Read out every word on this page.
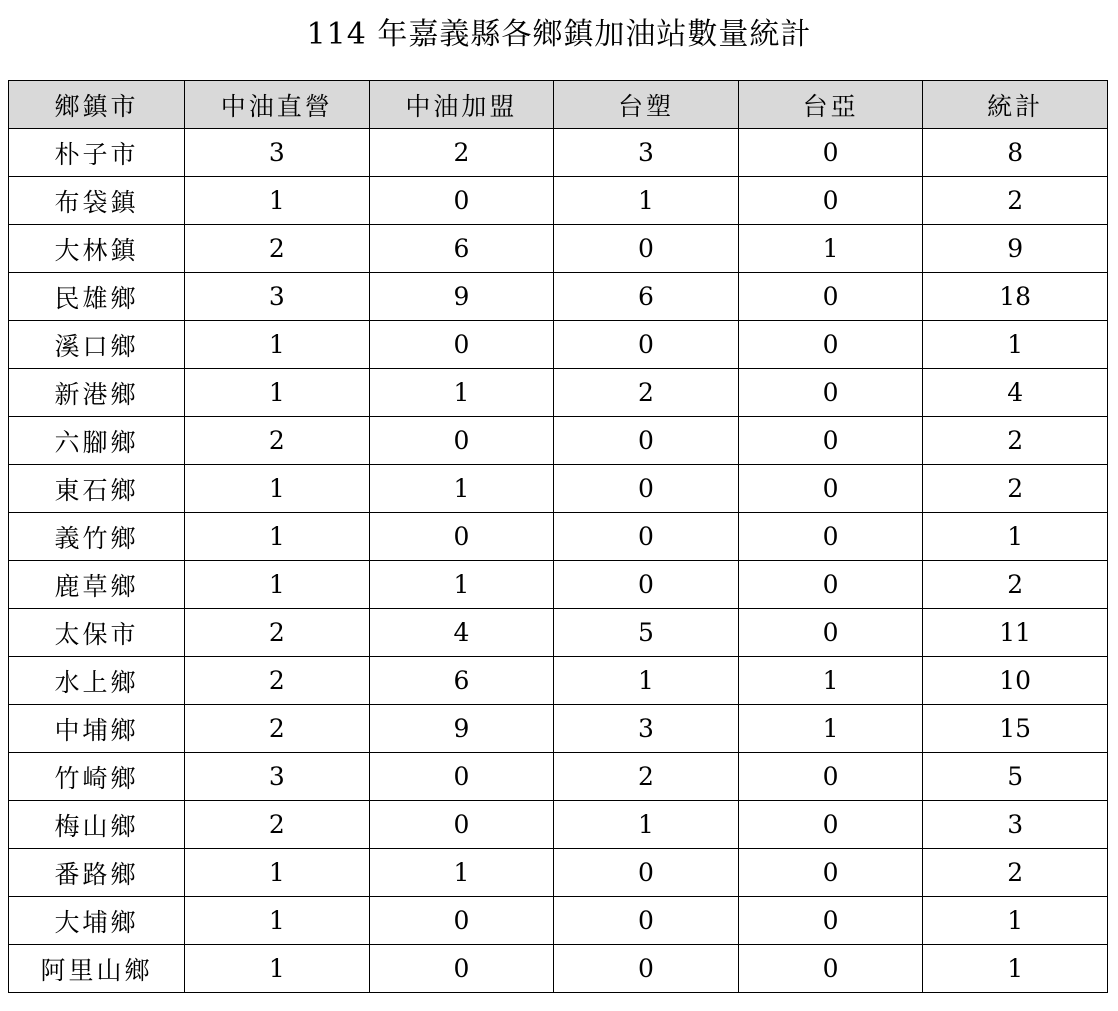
114 年嘉義縣各鄉鎮加油站數量統計
鄉鎮市	中油直營	中油加盟	台塑	台亞	統計
朴子市	3	2	3	0	8
布袋鎮	1	0	1	0	2
大林鎮	2	6	0	1	9
民雄鄉	3	9	6	0	18
溪口鄉	1	0	0	0	1
新港鄉	1	1	2	0	4
六腳鄉	2	0	0	0	2
東石鄉	1	1	0	0	2
義竹鄉	1	0	0	0	1
鹿草鄉	1	1	0	0	2
太保市	2	4	5	0	11
水上鄉	2	6	1	1	10
中埔鄉	2	9	3	1	15
竹崎鄉	3	0	2	0	5
梅山鄉	2	0	1	0	3
番路鄉	1	1	0	0	2
大埔鄉	1	0	0	0	1
阿里山鄉	1	0	0	0	1
